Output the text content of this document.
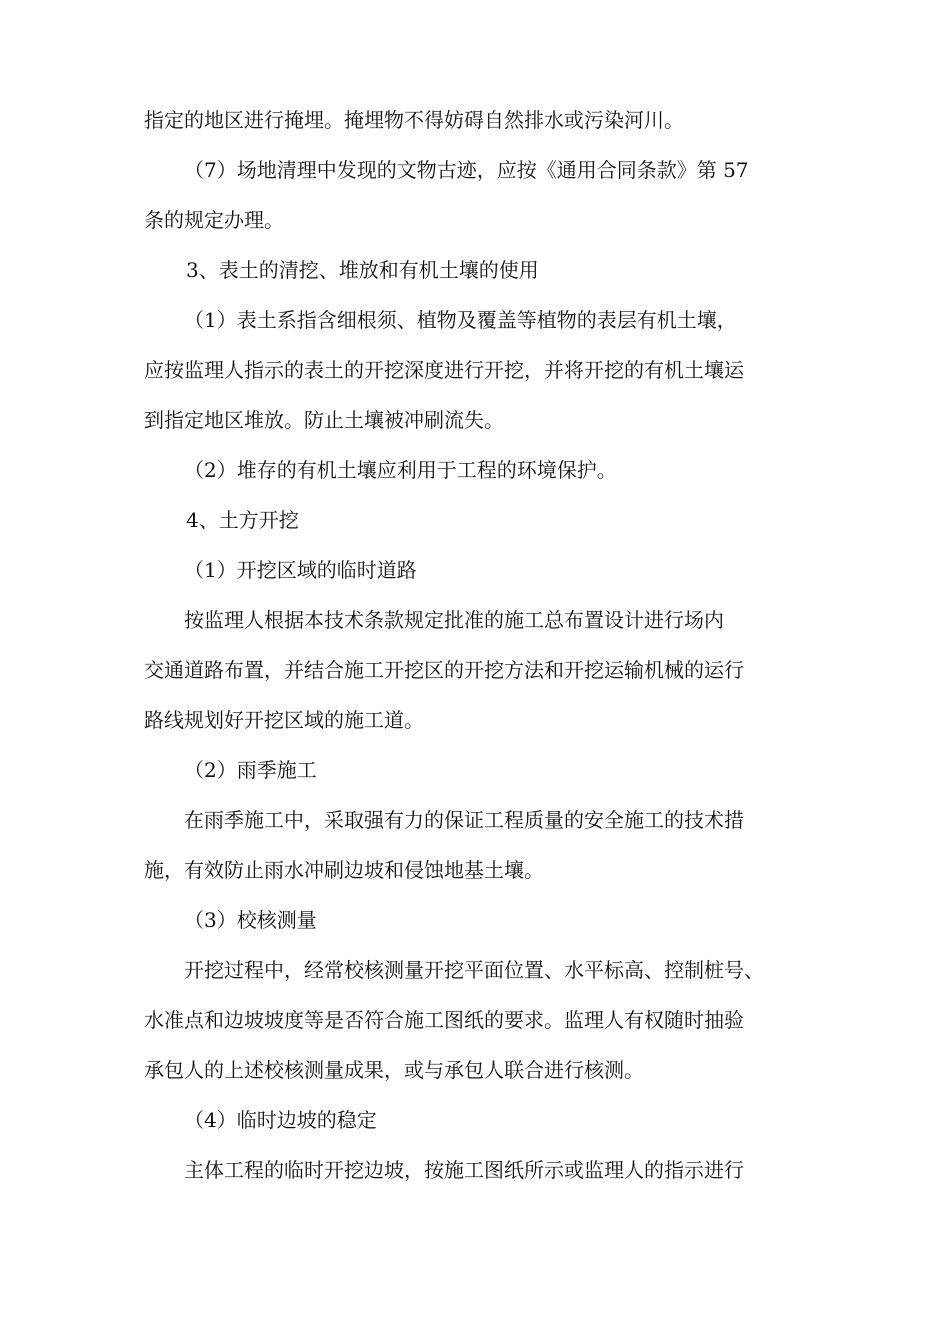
指定的地区进行掩埋。掩埋物不得妨碍自然排水或污染河川。
（7）场地清理中发现的文物古迹，应按《通用合同条款》第 57
条的规定办理。
3、表土的清挖、堆放和有机土壤的使用
（1）表土系指含细根须、植物及覆盖等植物的表层有机土壤，
应按监理人指示的表土的开挖深度进行开挖，并将开挖的有机土壤运
到指定地区堆放。防止土壤被冲刷流失。
（2）堆存的有机土壤应利用于工程的环境保护。
4、土方开挖
（1）开挖区域的临时道路
按监理人根据本技术条款规定批准的施工总布置设计进行场内
交通道路布置，并结合施工开挖区的开挖方法和开挖运输机械的运行
路线规划好开挖区域的施工道。
（2）雨季施工
在雨季施工中，采取强有力的保证工程质量的安全施工的技术措
施，有效防止雨水冲刷边坡和侵蚀地基土壤。
（3）校核测量
开挖过程中，经常校核测量开挖平面位置、水平标高、控制桩号、
水准点和边坡坡度等是否符合施工图纸的要求。监理人有权随时抽验
承包人的上述校核测量成果，或与承包人联合进行核测。
（4）临时边坡的稳定
主体工程的临时开挖边坡，按施工图纸所示或监理人的指示进行
